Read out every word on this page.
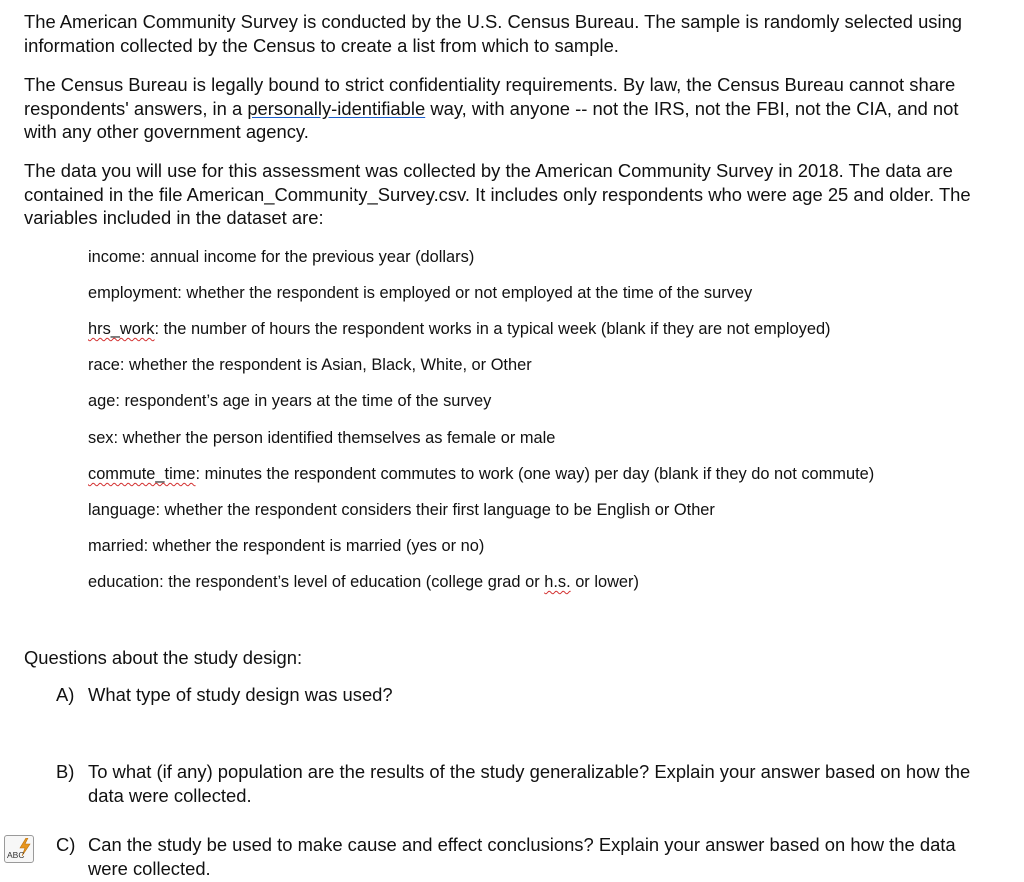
The American Community Survey is conducted by the U.S. Census Bureau. The sample is randomly selected using information collected by the Census to create a list from which to sample.

The Census Bureau is legally bound to strict confidentiality requirements. By law, the Census Bureau cannot share respondents' answers, in a personally-identifiable way, with anyone -- not the IRS, not the FBI, not the CIA, and not with any other government agency.

The data you will use for this assessment was collected by the American Community Survey in 2018. The data are contained in the file American_Community_Survey.csv. It includes only respondents who were age 25 and older. The variables included in the dataset are:

income: annual income for the previous year (dollars)

employment: whether the respondent is employed or not employed at the time of the survey

hrs_work: the number of hours the respondent works in a typical week (blank if they are not employed)

race: whether the respondent is Asian, Black, White, or Other

age: respondent’s age in years at the time of the survey

sex: whether the person identified themselves as female or male

commute_time: minutes the respondent commutes to work (one way) per day (blank if they do not commute)

language: whether the respondent considers their first language to be English or Other

married: whether the respondent is married (yes or no)

education: the respondent’s level of education (college grad or h.s. or lower)

Questions about the study design:

A) What type of study design was used?
B) To what (if any) population are the results of the study generalizable? Explain your answer based on how the data were collected.
C) Can the study be used to make cause and effect conclusions? Explain your answer based on how the data were collected.
ABC
